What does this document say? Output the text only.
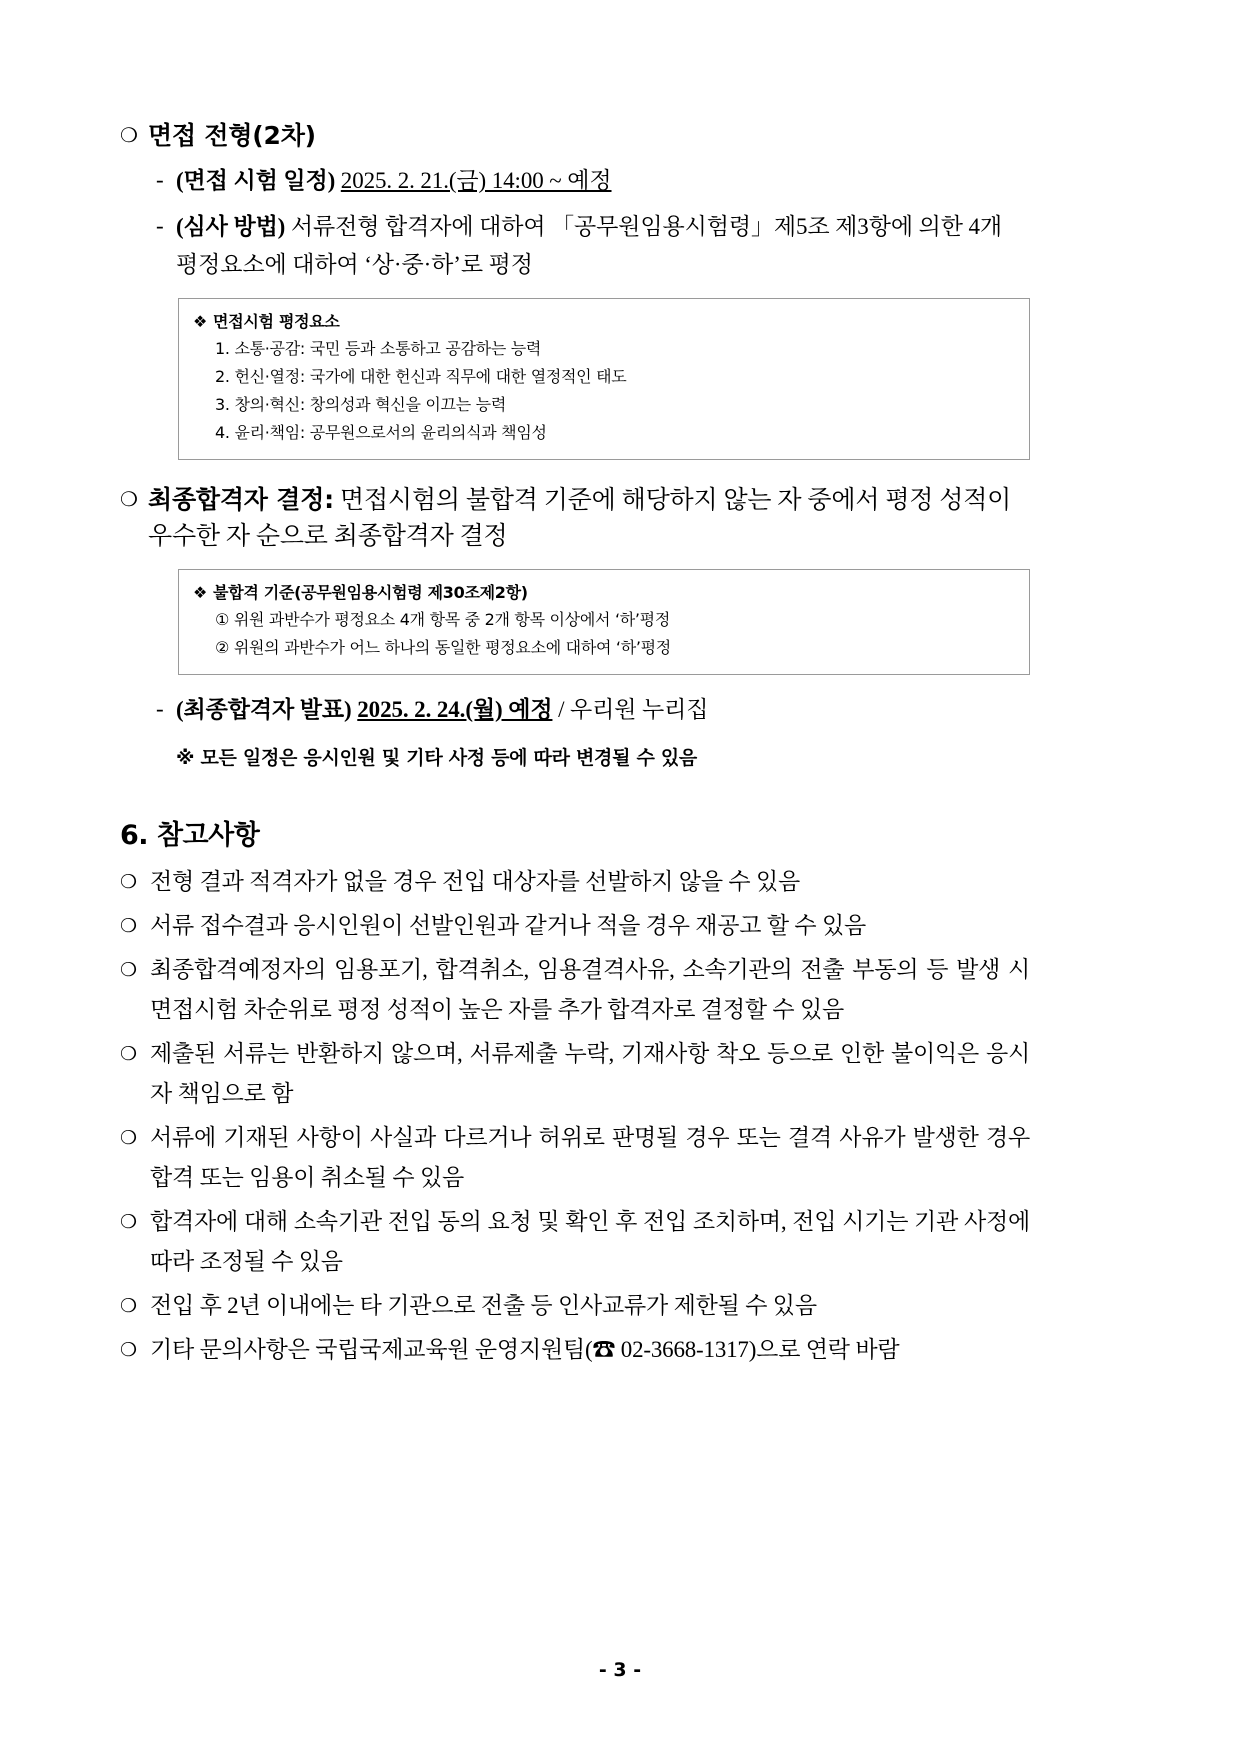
❍ 면접 전형(2차)
- (면접 시험 일정) 2025. 2. 21.(금) 14:00 ~ 예정
- (심사 방법) 서류전형 합격자에 대하여 「공무원임용시험령」제5조 제3항에 의한 4개 평정요소에 대하여 ‘상·중·하’로 평정
❖ 면접시험 평정요소
1. 소통·공감: 국민 등과 소통하고 공감하는 능력
2. 헌신·열정: 국가에 대한 헌신과 직무에 대한 열정적인 태도
3. 창의·혁신: 창의성과 혁신을 이끄는 능력
4. 윤리·책임: 공무원으로서의 윤리의식과 책임성
❍ 최종합격자 결정: 면접시험의 불합격 기준에 해당하지 않는 자 중에서 평정 성적이 우수한 자 순으로 최종합격자 결정
❖ 불합격 기준(공무원임용시험령 제30조제2항)
① 위원 과반수가 평정요소 4개 항목 중 2개 항목 이상에서 ‘하’평정
② 위원의 과반수가 어느 하나의 동일한 평정요소에 대하여 ‘하’평정
- (최종합격자 발표) 2025. 2. 24.(월) 예정 / 우리원 누리집
※ 모든 일정은 응시인원 및 기타 사정 등에 따라 변경될 수 있음
6. 참고사항
❍ 전형 결과 적격자가 없을 경우 전입 대상자를 선발하지 않을 수 있음
❍ 서류 접수결과 응시인원이 선발인원과 같거나 적을 경우 재공고 할 수 있음
❍ 최종합격예정자의 임용포기, 합격취소, 임용결격사유, 소속기관의 전출 부동의 등 발생 시 면접시험 차순위로 평정 성적이 높은 자를 추가 합격자로 결정할 수 있음
❍ 제출된 서류는 반환하지 않으며, 서류제출 누락, 기재사항 착오 등으로 인한 불이익은 응시자 책임으로 함
❍ 서류에 기재된 사항이 사실과 다르거나 허위로 판명될 경우 또는 결격 사유가 발생한 경우 합격 또는 임용이 취소될 수 있음
❍ 합격자에 대해 소속기관 전입 동의 요청 및 확인 후 전입 조치하며, 전입 시기는 기관 사정에 따라 조정될 수 있음
❍ 전입 후 2년 이내에는 타 기관으로 전출 등 인사교류가 제한될 수 있음
❍ 기타 문의사항은 국립국제교육원 운영지원팀(☎ 02-3668-1317)으로 연락 바람
- 3 -
